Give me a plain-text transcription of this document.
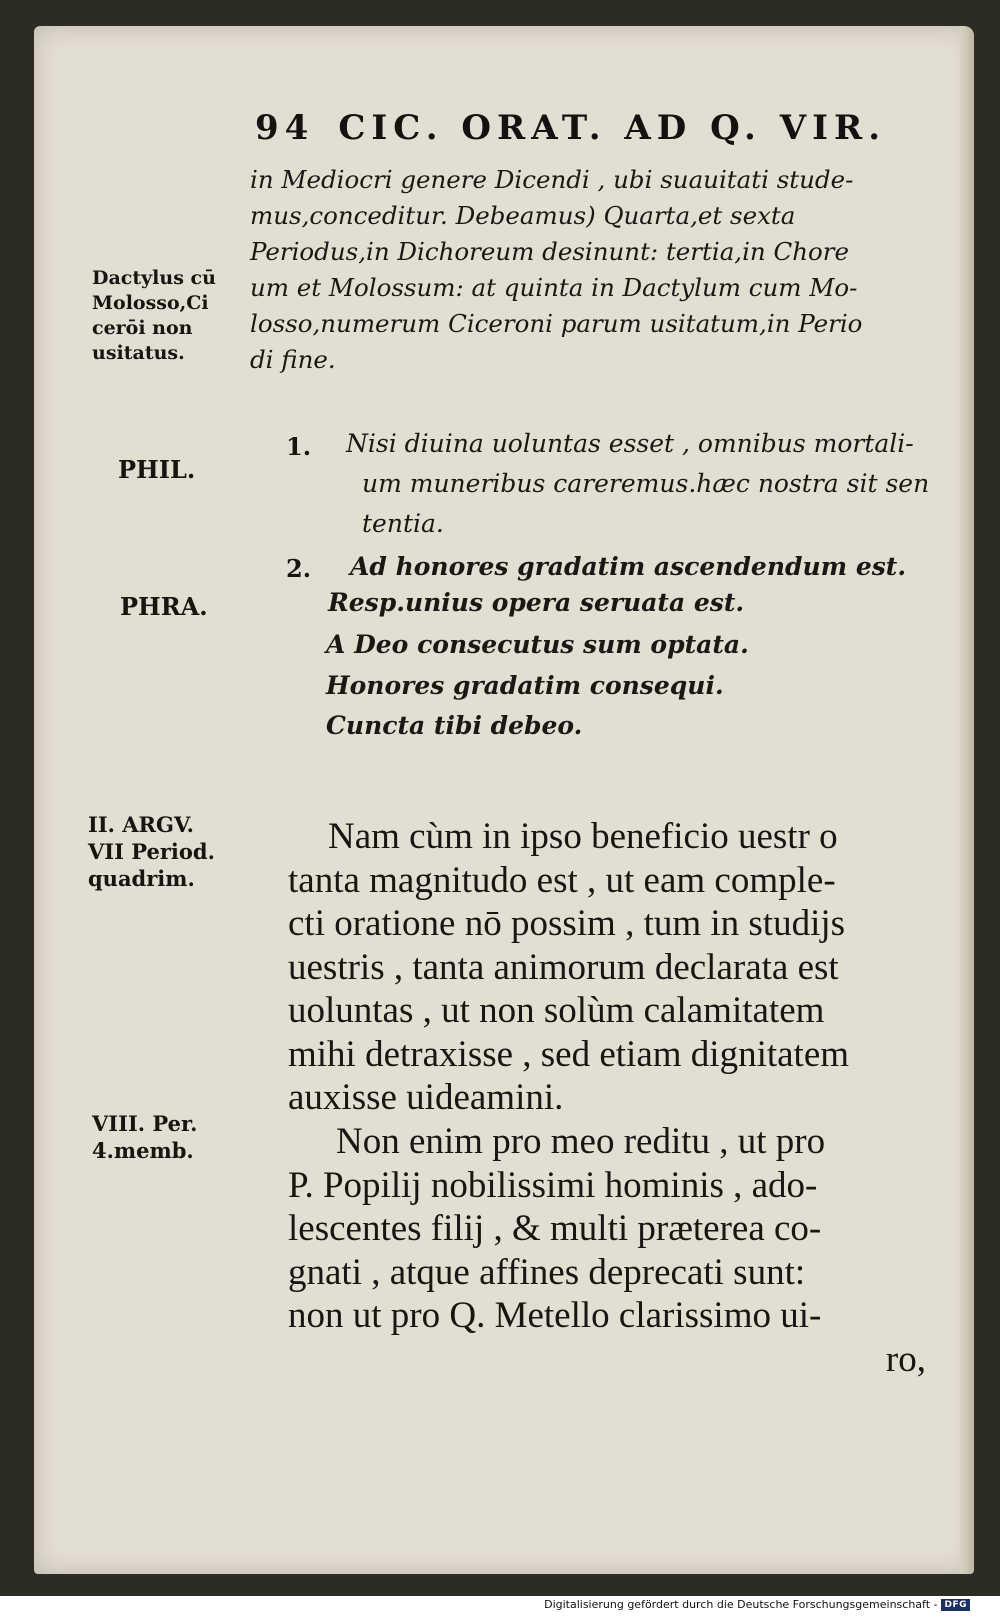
94 CIC. ORAT. AD Q. VIR.
in Mediocri genere Dicendi , ubi suauitati stude-
mus,conceditur. Debeamus) Quarta,et sexta
Periodus,in Dichoreum desinunt: tertia,in Chore
um et Molossum: at quinta in Dactylum cum Mo-
losso,numerum Ciceroni parum usitatum,in Perio
di fine.
Dactylus cū
Molosso,Ci
cerōi non
usitatus.
PHIL.
1. Nisi diuina uoluntas esset , omnibus mortali-
um muneribus careremus.hæc nostra sit sen
tentia.
2. Ad honores gradatim ascendendum est.
PHRA.	Resp.unius opera seruata est.
A Deo consecutus sum optata.
Honores gradatim consequi.
Cuncta tibi debeo.
II. ARGV.
VII Period.
quadrim.
Nam cùm in ipso beneficio uestr o
tanta magnitudo est , ut eam comple-
cti oratione nō possim , tum in studijs
uestris , tanta animorum declarata est
uoluntas , ut non solùm calamitatem
mihi detraxisse , sed etiam dignitatem
auxisse uideamini.
VIII. Per.
4.memb.	Non enim pro meo reditu , ut pro
P. Popilij nobilissimi hominis , ado-
lescentes filij , & multi præterea co-
gnati , atque affines deprecati sunt:
non ut pro Q. Metello clarissimo ui-
ro,
Digitalisierung gefördert durch die Deutsche Forschungsgemeinschaft - DFG
